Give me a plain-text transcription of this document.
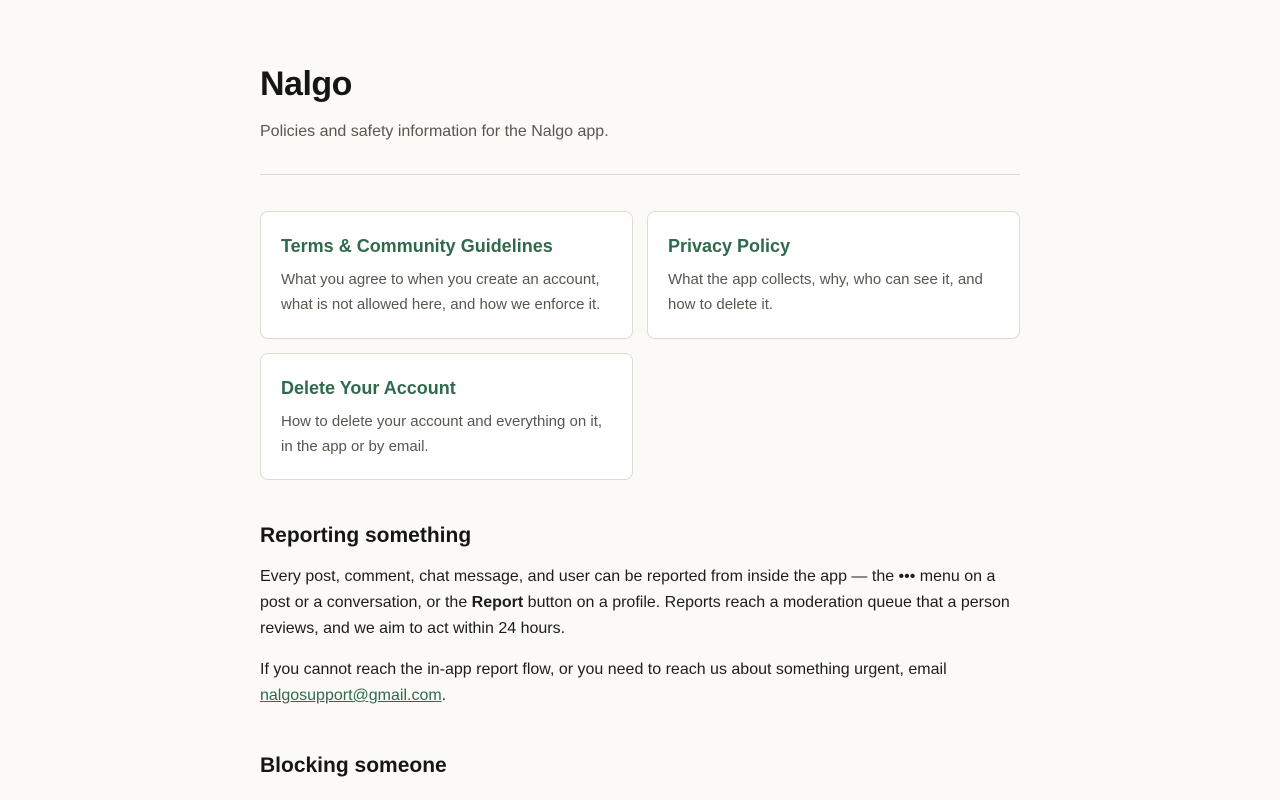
Nalgo

Policies and safety information for the Nalgo app.

Terms & Community Guidelines

What you agree to when you create an account, what is not allowed here, and how we enforce it.

Privacy Policy

What the app collects, why, who can see it, and how to delete it.

Delete Your Account

How to delete your account and everything on it, in the app or by email.

Reporting something

Every post, comment, chat message, and user can be reported from inside the app — the ••• menu on a post or a conversation, or the Report button on a profile. Reports reach a moderation queue that a person reviews, and we aim to act within 24 hours.

If you cannot reach the in-app report flow, or you need to reach us about something urgent, email nalgosupport@gmail.com.

Blocking someone
